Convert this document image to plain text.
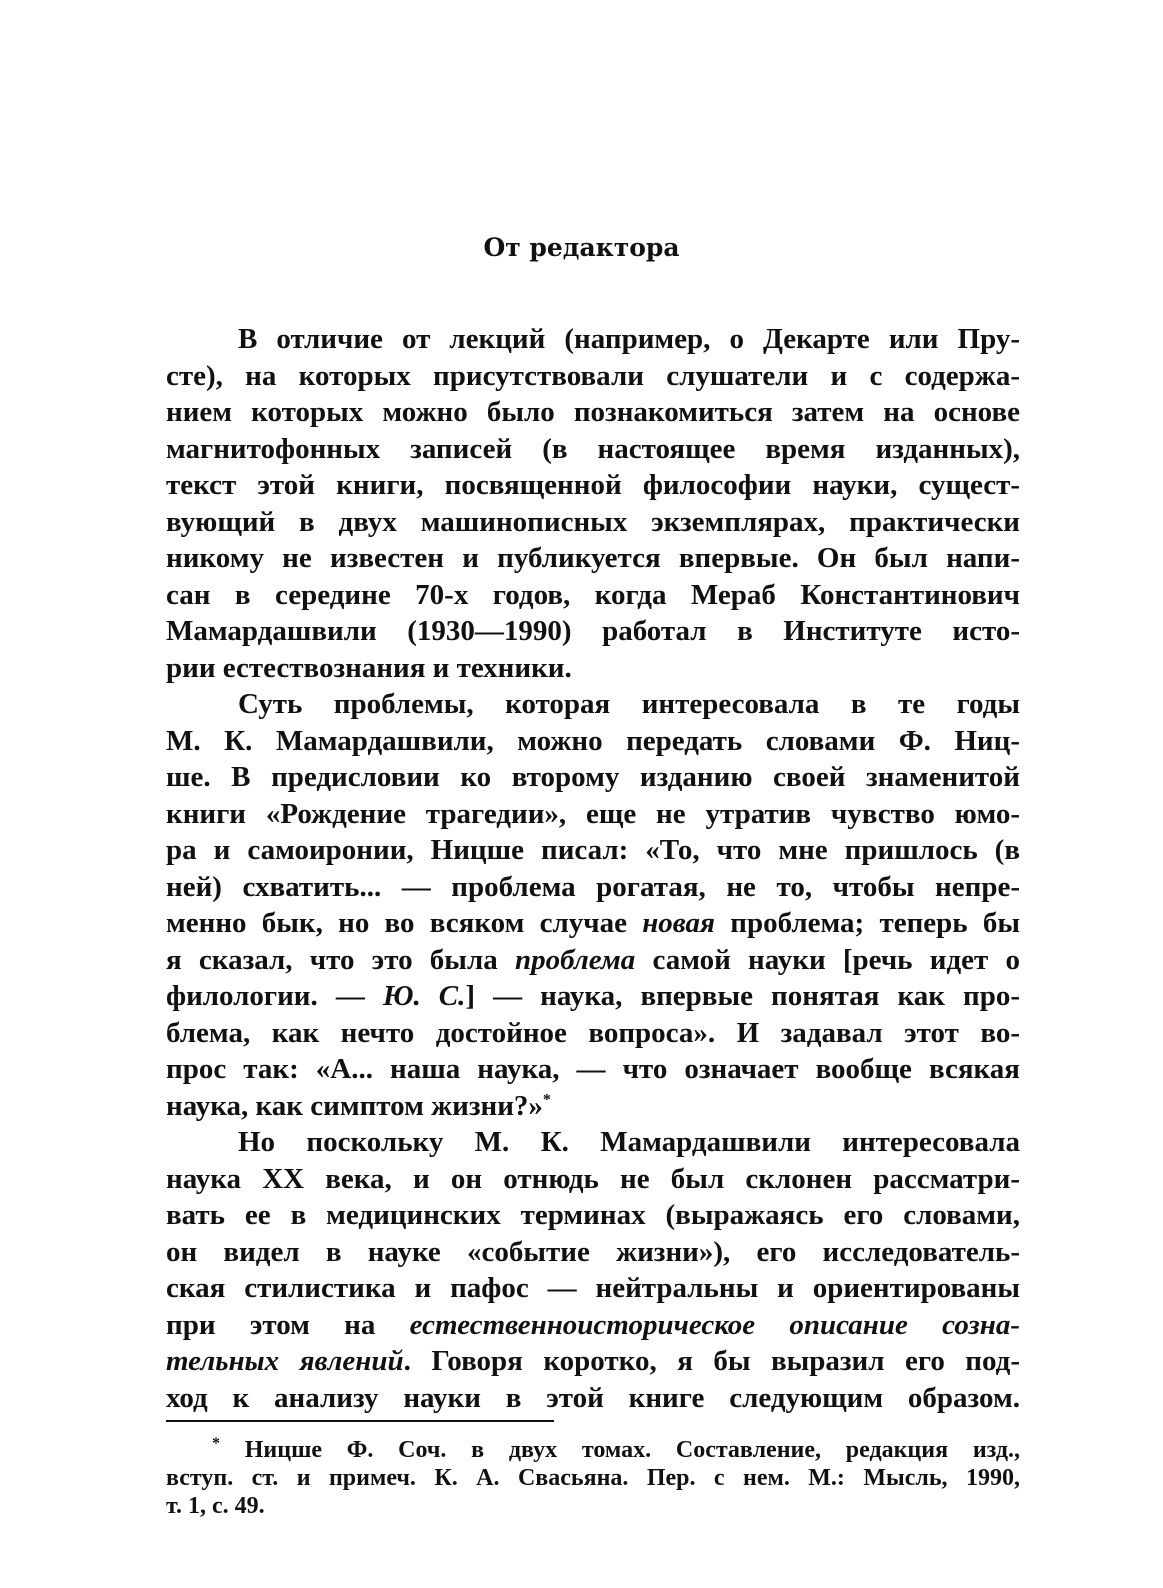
От редактора
В отличие от лекций (например, о Декарте или Пру-
сте), на которых присутствовали слушатели и с содержа-
нием которых можно было познакомиться затем на основе
магнитофонных записей (в настоящее время изданных),
текст этой книги, посвященной философии науки, сущест-
вующий в двух машинописных экземплярах, практически
никому не известен и публикуется впервые. Он был напи-
сан в середине 70-х годов, когда Мераб Константинович
Мамардашвили (1930—1990) работал в Институте исто-
рии естествознания и техники.
Суть проблемы, которая интересовала в те годы
М. К. Мамардашвили, можно передать словами Ф. Ниц-
ше. В предисловии ко второму изданию своей знаменитой
книги «Рождение трагедии», еще не утратив чувство юмо-
ра и самоиронии, Ницше писал: «То, что мне пришлось (в
ней) схватить... — проблема рогатая, не то, чтобы непре-
менно бык, но во всяком случае новая проблема; теперь бы
я сказал, что это была проблема самой науки [речь идет о
филологии. — Ю. С.] — наука, впервые понятая как про-
блема, как нечто достойное вопроса». И задавал этот во-
прос так: «А... наша наука, — что означает вообще всякая
наука, как симптом жизни?»*
Но поскольку М. К. Мамардашвили интересовала
наука XX века, и он отнюдь не был склонен рассматри-
вать ее в медицинских терминах (выражаясь его словами,
он видел в науке «событие жизни»), его исследователь-
ская стилистика и пафос — нейтральны и ориентированы
при этом на естественноисторическое описание созна-
тельных явлений. Говоря коротко, я бы выразил его под-
ход к анализу науки в этой книге следующим образом.
* Ницше Ф. Соч. в двух томах. Составление, редакция изд.,
вступ. ст. и примеч. К. А. Свасьяна. Пер. с нем. М.: Мысль, 1990,
т. 1, с. 49.
